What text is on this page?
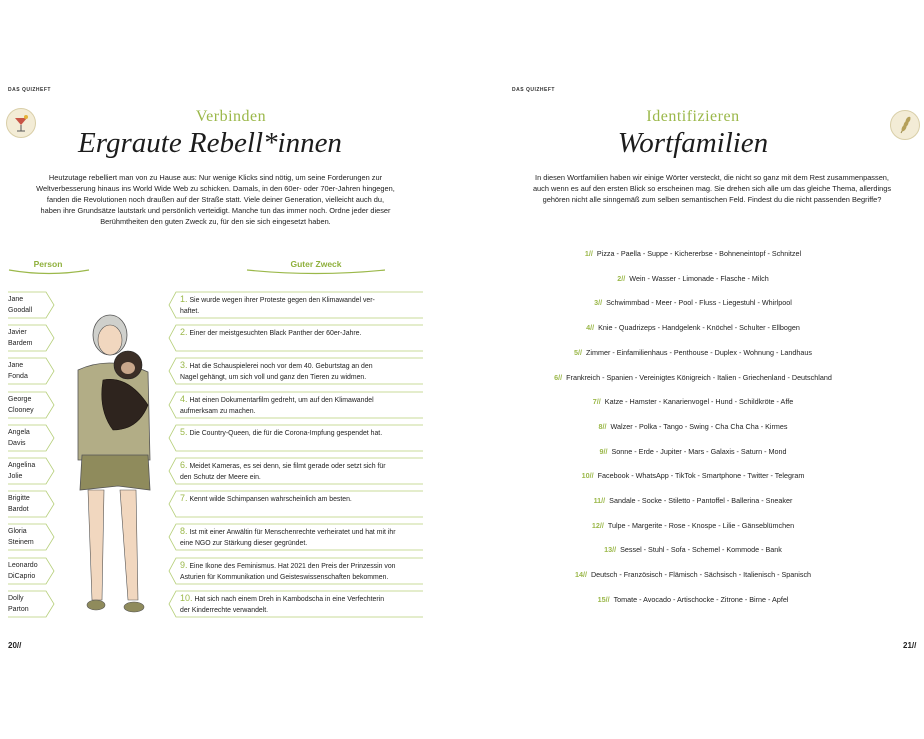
DAS QUIZHEFT
Verbinden
Ergraute Rebell*innen
Heutzutage rebelliert man von zu Hause aus: Nur wenige Klicks sind nötig, um seine Forderungen zur
Weltverbesserung hinaus ins World Wide Web zu schicken. Damals, in den 60er- oder 70er-Jahren hingegen,
fanden die Revolutionen noch draußen auf der Straße statt. Viele deiner Generation, vielleicht auch du,
haben ihre Grundsätze lautstark und persönlich verteidigt. Manche tun das immer noch. Ordne jeder dieser
Berühmtheiten den guten Zweck zu, für den sie sich eingesetzt haben.
Person	Guter Zweck
Jane
Goodall
Javier
Bardem
Jane
Fonda
George
Clooney
Angela
Davis
Angelina
Jolie
Brigitte
Bardot
Gloria
Steinem
Leonardo
DiCaprio
Dolly
Parton
1. Sie wurde wegen ihrer Proteste gegen den Klimawandel ver-
haftet.
2. Einer der meistgesuchten Black Panther der 60er-Jahre.

3. Hat die Schauspielerei noch vor dem 40. Geburtstag an den
Nagel gehängt, um sich voll und ganz den Tieren zu widmen.
4. Hat einen Dokumentarfilm gedreht, um auf den Klimawandel
aufmerksam zu machen.
5. Die Country-Queen, die für die Corona-Impfung gespendet hat.

6. Meidet Kameras, es sei denn, sie filmt gerade oder setzt sich für
den Schutz der Meere ein.
7. Kennt wilde Schimpansen wahrscheinlich am besten.

8. Ist mit einer Anwältin für Menschenrechte verheiratet und hat mit ihr
eine NGO zur Stärkung dieser gegründet.
9. Eine Ikone des Feminismus. Hat 2021 den Preis der Prinzessin von
Asturien für Kommunikation und Geisteswissenschaften bekommen.
10. Hat sich nach einem Dreh in Kambodscha in eine Verfechterin
der Kinderrechte verwandelt.
20//
DAS QUIZHEFT
Identifizieren
Wortfamilien
In diesen Wortfamilien haben wir einige Wörter versteckt, die nicht so ganz mit dem Rest zusammenpassen,
auch wenn es auf den ersten Blick so erscheinen mag. Sie drehen sich alle um das gleiche Thema, allerdings
gehören nicht alle sinngemäß zum selben semantischen Feld. Findest du die nicht passenden Begriffe?
1// Pizza - Paella - Suppe - Kichererbse - Bohneneintopf - Schnitzel
2// Wein - Wasser - Limonade - Flasche - Milch
3// Schwimmbad - Meer - Pool - Fluss - Liegestuhl - Whirlpool
4// Knie - Quadrizeps - Handgelenk - Knöchel - Schulter - Ellbogen
5// Zimmer - Einfamilienhaus - Penthouse - Duplex - Wohnung - Landhaus
6// Frankreich - Spanien - Vereinigtes Königreich - Italien - Griechenland - Deutschland
7// Katze - Hamster - Kanarienvogel - Hund - Schildkröte - Affe
8// Walzer - Polka - Tango - Swing - Cha Cha Cha - Kirmes
9// Sonne - Erde - Jupiter - Mars - Galaxis - Saturn - Mond
10// Facebook - WhatsApp - TikTok - Smartphone - Twitter - Telegram
11// Sandale - Socke - Stiletto - Pantoffel - Ballerina - Sneaker
12// Tulpe - Margerite - Rose - Knospe - Lilie - Gänseblümchen
13// Sessel - Stuhl - Sofa - Schemel - Kommode - Bank
14// Deutsch - Französisch - Flämisch - Sächsisch - Italienisch - Spanisch
15// Tomate - Avocado - Artischocke - Zitrone - Birne - Apfel
21//
